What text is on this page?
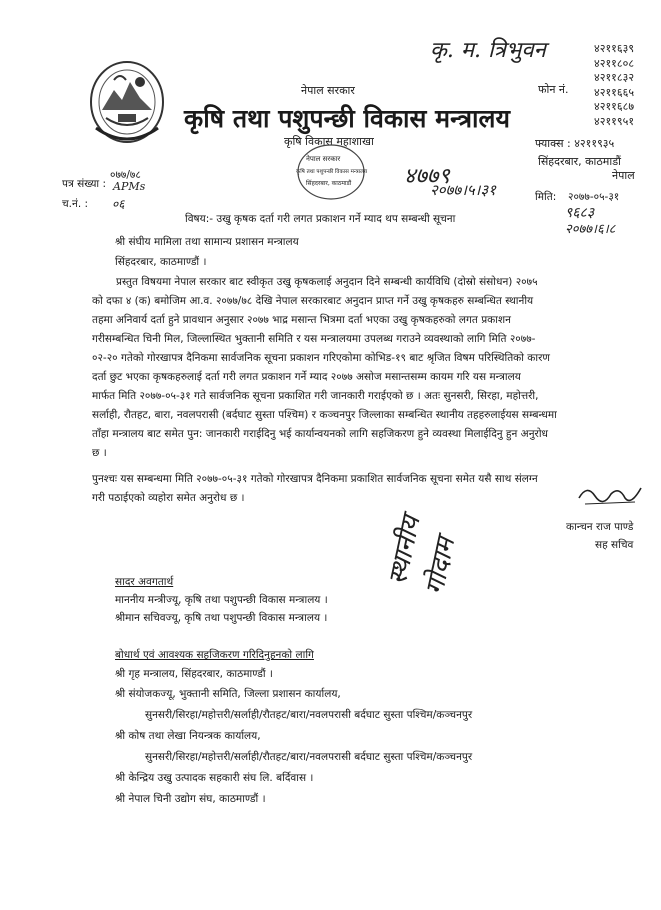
नेपाल सरकार
कृषि तथा पशुपन्छी विकास मन्त्रालय
कृषि विकास महाशाखा
कृ. म. त्रिभुवन
फोन नं.
४२११६३९
४२११८०८
४२११८३२
४२११६६५
४२११६८७
४२११९५१
फ्याक्स : ४२११९३५
सिंहदरबार, काठमाडौं
नेपाल
नेपाल सरकार
कृषि तथा पशुपन्छी विकास मन्त्रालय
सिंहदरबार, काठमाडौं
पत्र संख्या :
०७७/७८
APMs
च.नं. : ०६
४७७९
२०७७।५।३१	मिति: २०७७-०५-३१
९६८३
२०७७।६।८
विषय:- उखु कृषक दर्ता गरी लगत प्रकाशन गर्ने म्याद थप सम्बन्धी सूचना
श्री संघीय मामिला तथा सामान्य प्रशासन मन्त्रालय
सिंहदरबार, काठमाण्डौं ।
प्रस्तुत विषयमा नेपाल सरकार बाट स्वीकृत उखु कृषकलाई अनुदान दिने सम्बन्धी कार्यविधि (दोस्रो संसोधन) २०७५
को दफा ४ (क) बमोजिम आ.व. २०७७/७८ देखि नेपाल सरकारबाट अनुदान प्राप्त गर्ने उखु कृषकहरु सम्बन्धित स्थानीय
तहमा अनिवार्य दर्ता हुने प्रावधान अनुसार २०७७ भाद्र मसान्त भित्रमा दर्ता भएका उखु कृषकहरुको लगत प्रकाशन
गरीसम्बन्धित चिनी मिल, जिल्लास्थित भुक्तानी समिति र यस मन्त्रालयमा उपलब्ध गराउने व्यवस्थाको लागि मिति २०७७-
०२-२० गतेको गोरखापत्र दैनिकमा सार्वजनिक सूचना प्रकाशन गरिएकोमा कोभिड-१९ बाट श्रृजित विषम परिस्थितिको कारण
दर्ता छुट भएका कृषकहरुलाई दर्ता गरी लगत प्रकाशन गर्ने म्याद २०७७ असोज मसान्तसम्म कायम गरि यस मन्त्रालय
मार्फत मिति २०७७-०५-३१ गते सार्वजनिक सूचना प्रकाशित गरी जानकारी गराईएको छ । अतः सुनसरी, सिरहा, महोत्तरी,
सर्लाही, रौतहट, बारा, नवलपरासी (बर्दघाट सुस्ता पश्चिम) र कञ्चनपुर जिल्लाका सम्बन्धित स्थानीय तहहरुलाईयस सम्बन्धमा
ताँहा मन्त्रालय बाट समेत पुन: जानकारी गराईदिनु भई कार्यान्वयनको लागि सहजिकरण हुने व्यवस्था मिलाईदिनु हुन अनुरोध
छ ।
पुनश्चः यस सम्बन्धमा मिति २०७७-०५-३१ गतेको गोरखापत्र दैनिकमा प्रकाशित सार्वजनिक सूचना समेत यसै साथ संलग्न
गरी पठाईएको व्यहोरा समेत अनुरोध छ ।
कान्चन राज पाण्डे
सह सचिव
स्थानीय
गोदाम
सादर अवगतार्थ
माननीय मन्त्रीज्यू, कृषि तथा पशुपन्छी विकास मन्त्रालय ।
श्रीमान सचिवज्यू, कृषि तथा पशुपन्छी विकास मन्त्रालय ।
बोधार्थ एवं आवश्यक सहजिकरण गरिदिनुहनको लागि
श्री गृह मन्त्रालय, सिंहदरबार, काठमाण्डौं ।
श्री संयोजकज्यू, भुक्तानी समिति, जिल्ला प्रशासन कार्यालय,
सुनसरी/सिरहा/महोत्तरी/सर्लाही/रौतहट/बारा/नवलपरासी बर्दघाट सुस्ता पश्चिम/कञ्चनपुर
श्री कोष तथा लेखा नियन्त्रक कार्यालय,
सुनसरी/सिरहा/महोत्तरी/सर्लाही/रौतहट/बारा/नवलपरासी बर्दघाट सुस्ता पश्चिम/कञ्चनपुर
श्री केन्द्रिय उखु उत्पादक सहकारी संघ लि. बर्दिवास ।
श्री नेपाल चिनी उद्योग संघ, काठमाण्डौं ।
